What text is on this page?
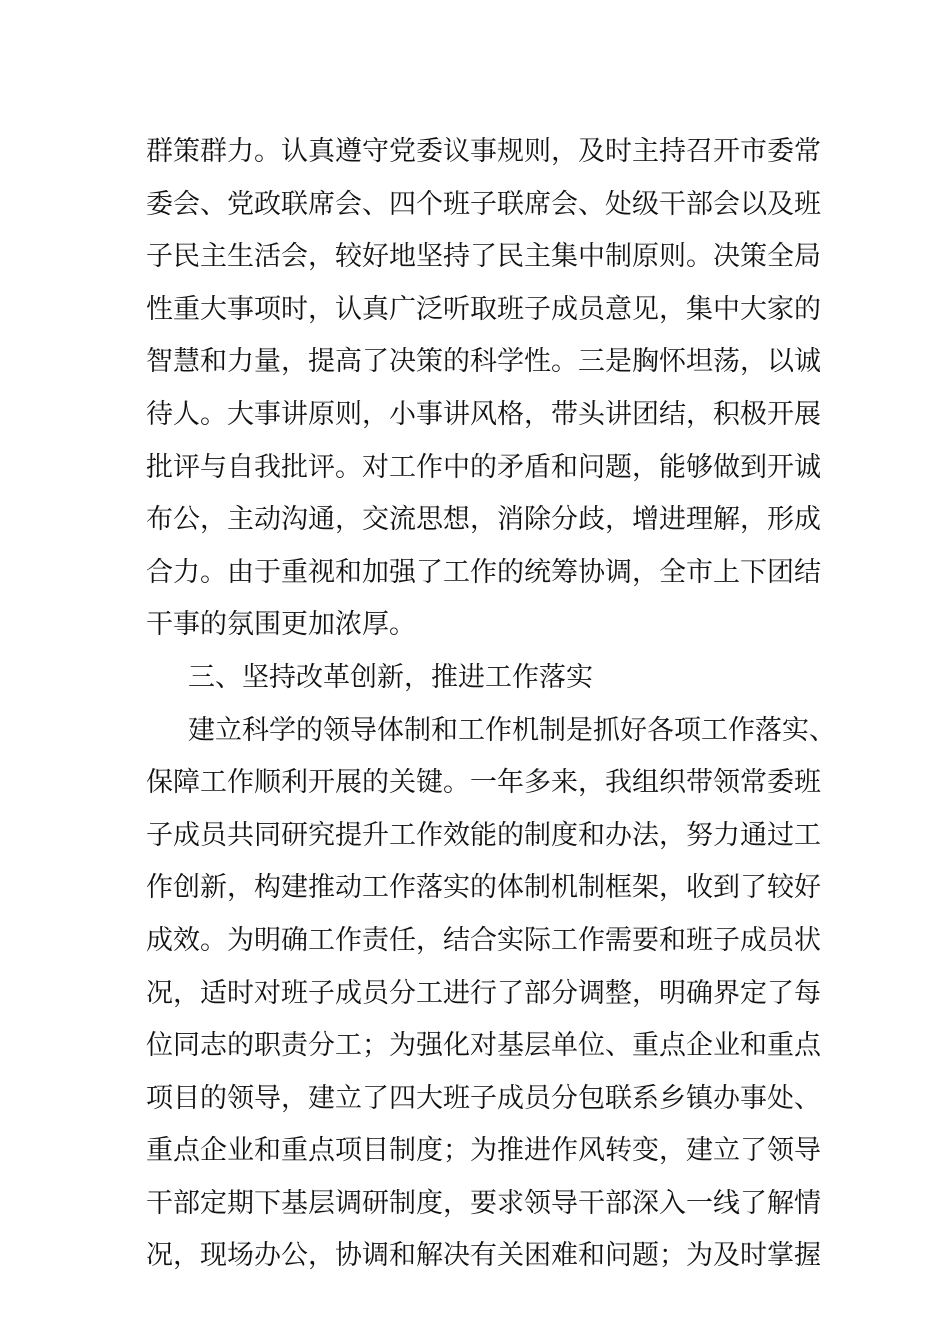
群策群力。认真遵守党委议事规则，及时主持召开市委常
委会、党政联席会、四个班子联席会、处级干部会以及班
子民主生活会，较好地坚持了民主集中制原则。决策全局
性重大事项时，认真广泛听取班子成员意见，集中大家的
智慧和力量，提高了决策的科学性。三是胸怀坦荡，以诚
待人。大事讲原则，小事讲风格，带头讲团结，积极开展
批评与自我批评。对工作中的矛盾和问题，能够做到开诚
布公，主动沟通，交流思想，消除分歧，增进理解，形成
合力。由于重视和加强了工作的统筹协调，全市上下团结
干事的氛围更加浓厚。
三、坚持改革创新，推进工作落实
建立科学的领导体制和工作机制是抓好各项工作落实、
保障工作顺利开展的关键。一年多来，我组织带领常委班
子成员共同研究提升工作效能的制度和办法，努力通过工
作创新，构建推动工作落实的体制机制框架，收到了较好
成效。为明确工作责任，结合实际工作需要和班子成员状
况，适时对班子成员分工进行了部分调整，明确界定了每
位同志的职责分工；为强化对基层单位、重点企业和重点
项目的领导，建立了四大班子成员分包联系乡镇办事处、
重点企业和重点项目制度；为推进作风转变，建立了领导
干部定期下基层调研制度，要求领导干部深入一线了解情
况，现场办公，协调和解决有关困难和问题；为及时掌握
